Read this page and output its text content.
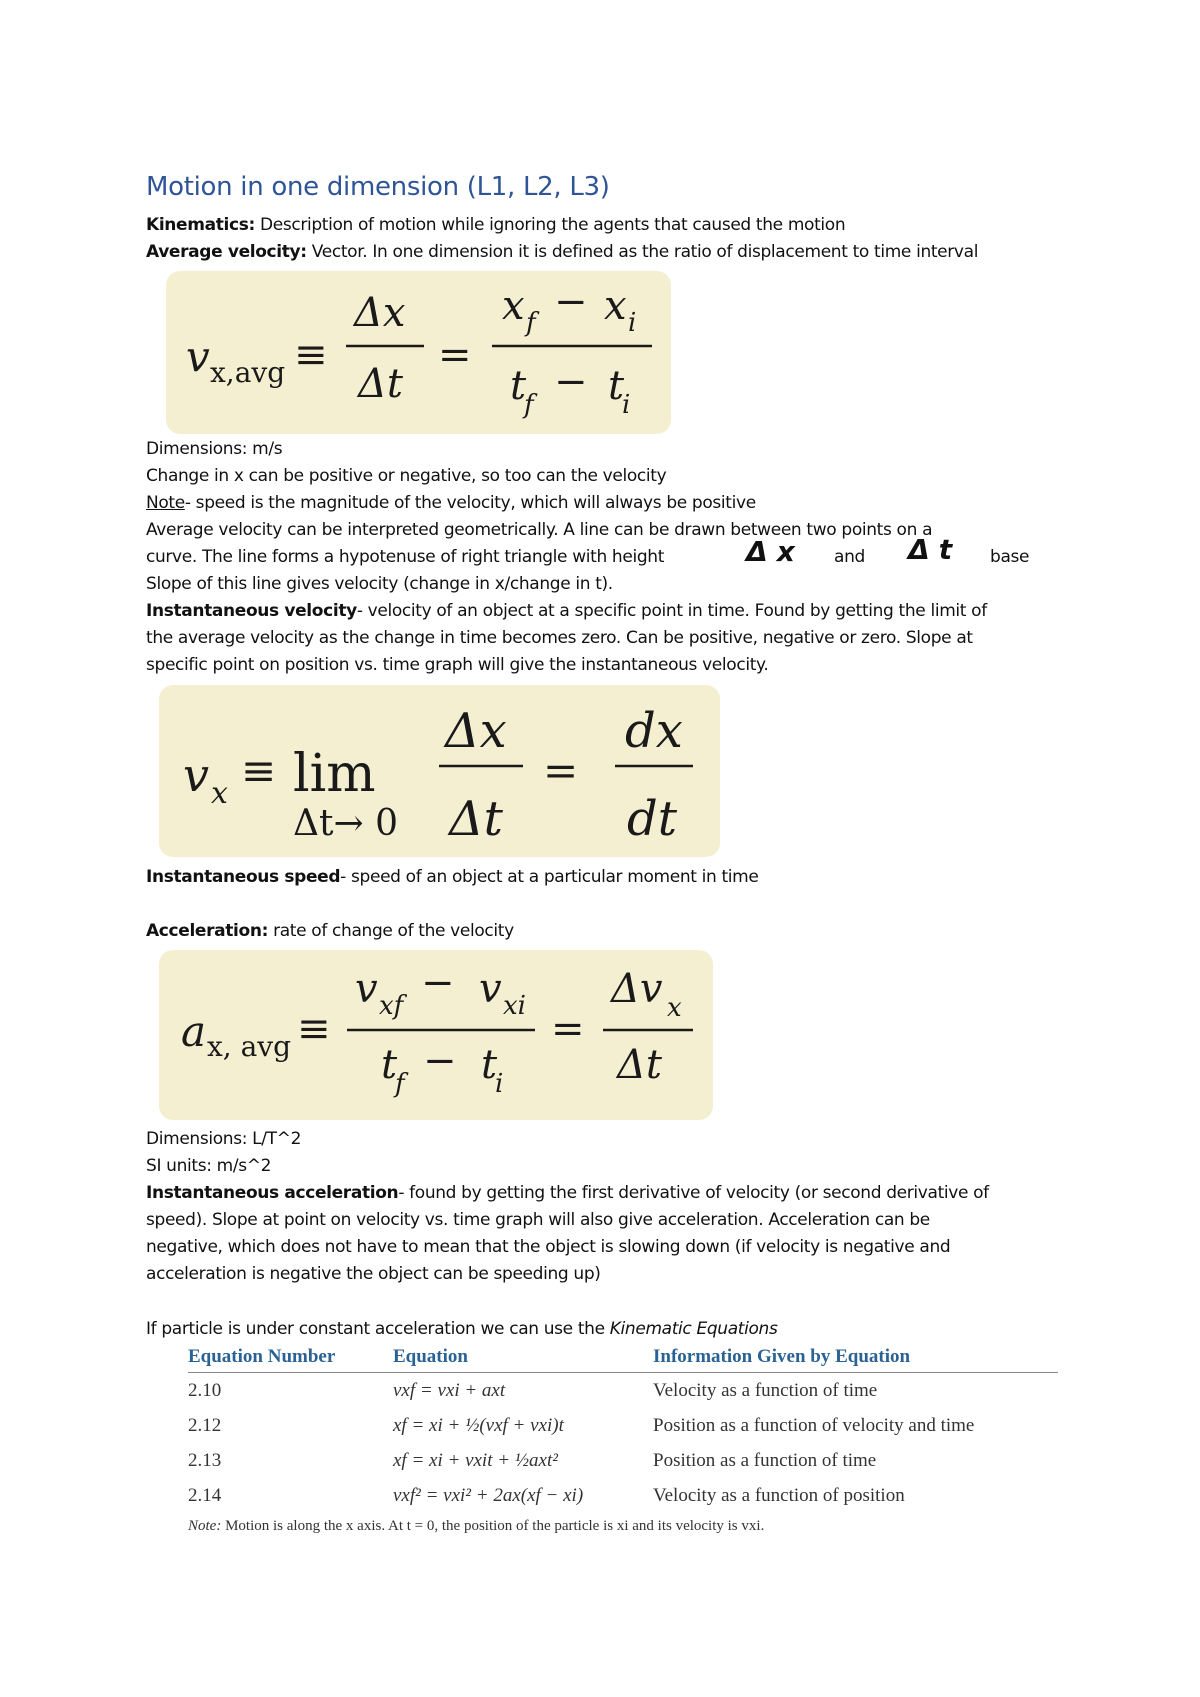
Motion in one dimension (L1, L2, L3)

Kinematics: Description of motion while ignoring the agents that caused the motion

Average velocity: Vector. In one dimension it is defined as the ratio of displacement to time interval

v x,avg ≡
Δx
Δt
=
x f − x i
t
f − t
i

Dimensions: m/s

Change in x can be positive or negative, so too can the velocity

Note- speed is the magnitude of the velocity, which will always be positive

Average velocity can be interpreted geometrically. A line can be drawn between two points on a

curve. The line forms a hypotenuse of right triangle with height	Δ x and Δ t base

Slope of this line gives velocity (change in x/change in t).

Instantaneous velocity- velocity of an object at a specific point in time. Found by getting the limit of

the average velocity as the change in time becomes zero. Can be positive, negative or zero. Slope at

specific point on position vs. time graph will give the instantaneous velocity.

v x ≡ lim
Δt→ 0
Δx
Δt
=
dx
dt

Instantaneous speed- speed of an object at a particular moment in time

Acceleration: rate of change of the velocity

a x, avg ≡
v xf − v xi
t
f − t
i
=
Δv x
Δt

Dimensions: L/T^2

SI units: m/s^2

Instantaneous acceleration- found by getting the first derivative of velocity (or second derivative of

speed). Slope at point on velocity vs. time graph will also give acceleration. Acceleration can be

negative, which does not have to mean that the object is slowing down (if velocity is negative and

acceleration is negative the object can be speeding up)

If particle is under constant acceleration we can use the Kinematic Equations

Equation Number	Equation	Information Given by Equation
2.10	vxf = vxi + axt	Velocity as a function of time
2.12	xf = xi + ½(vxf + vxi)t	Position as a function of velocity and time
2.13	xf = xi + vxit + ½axt²	Position as a function of time
2.14	vxf² = vxi² + 2ax(xf − xi)	Velocity as a function of position
Note: Motion is along the x axis. At t = 0, the position of the particle is xi and its velocity is vxi.
